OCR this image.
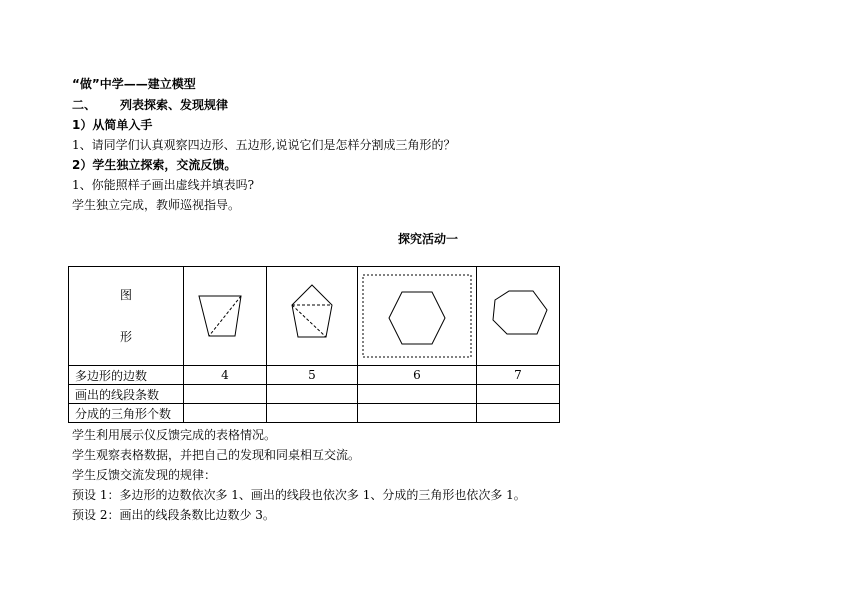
“做”中学——建立模型
二、 列表探索、发现规律
1）从简单入手
1、请同学们认真观察四边形、五边形,说说它们是怎样分割成三角形的？
2）学生独立探索，交流反馈。
1、你能照样子画出虚线并填表吗?
学生独立完成，教师巡视指导。
探究活动一
图
形

多边形的边数	4	5	6	7
画出的线段条数				
分成的三角形个数				
学生利用展示仪反馈完成的表格情况。
学生观察表格数据，并把自己的发现和同桌相互交流。
学生反馈交流发现的规律：
预设 1：多边形的边数依次多 1、画出的线段也依次多 1、分成的三角形也依次多 1。
预设 2：画出的线段条数比边数少 3。
